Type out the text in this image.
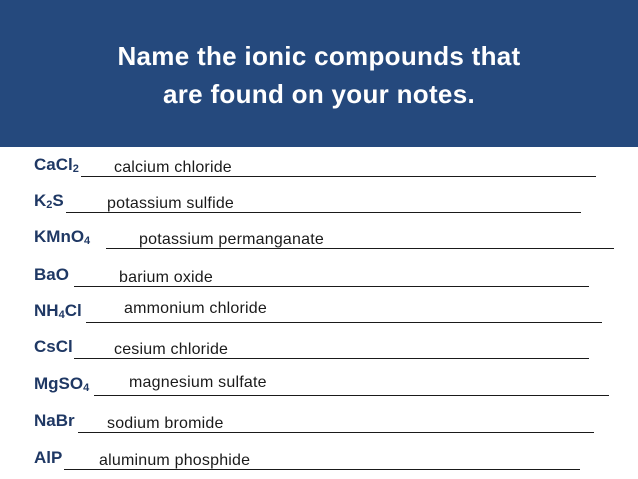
Name the ionic compounds that
are found on your notes.
CaCl$_2$ calcium chloride
$K_2S$	potassium sulfide
KMnO$_4$	potassium permanganate
BaO	barium oxide
$NH_4Cl$	ammonium chloride
CsCl	cesium chloride
MgSO$_4$ magnesium sulfate
NaBr sodium bromide
AlP aluminum phosphide
